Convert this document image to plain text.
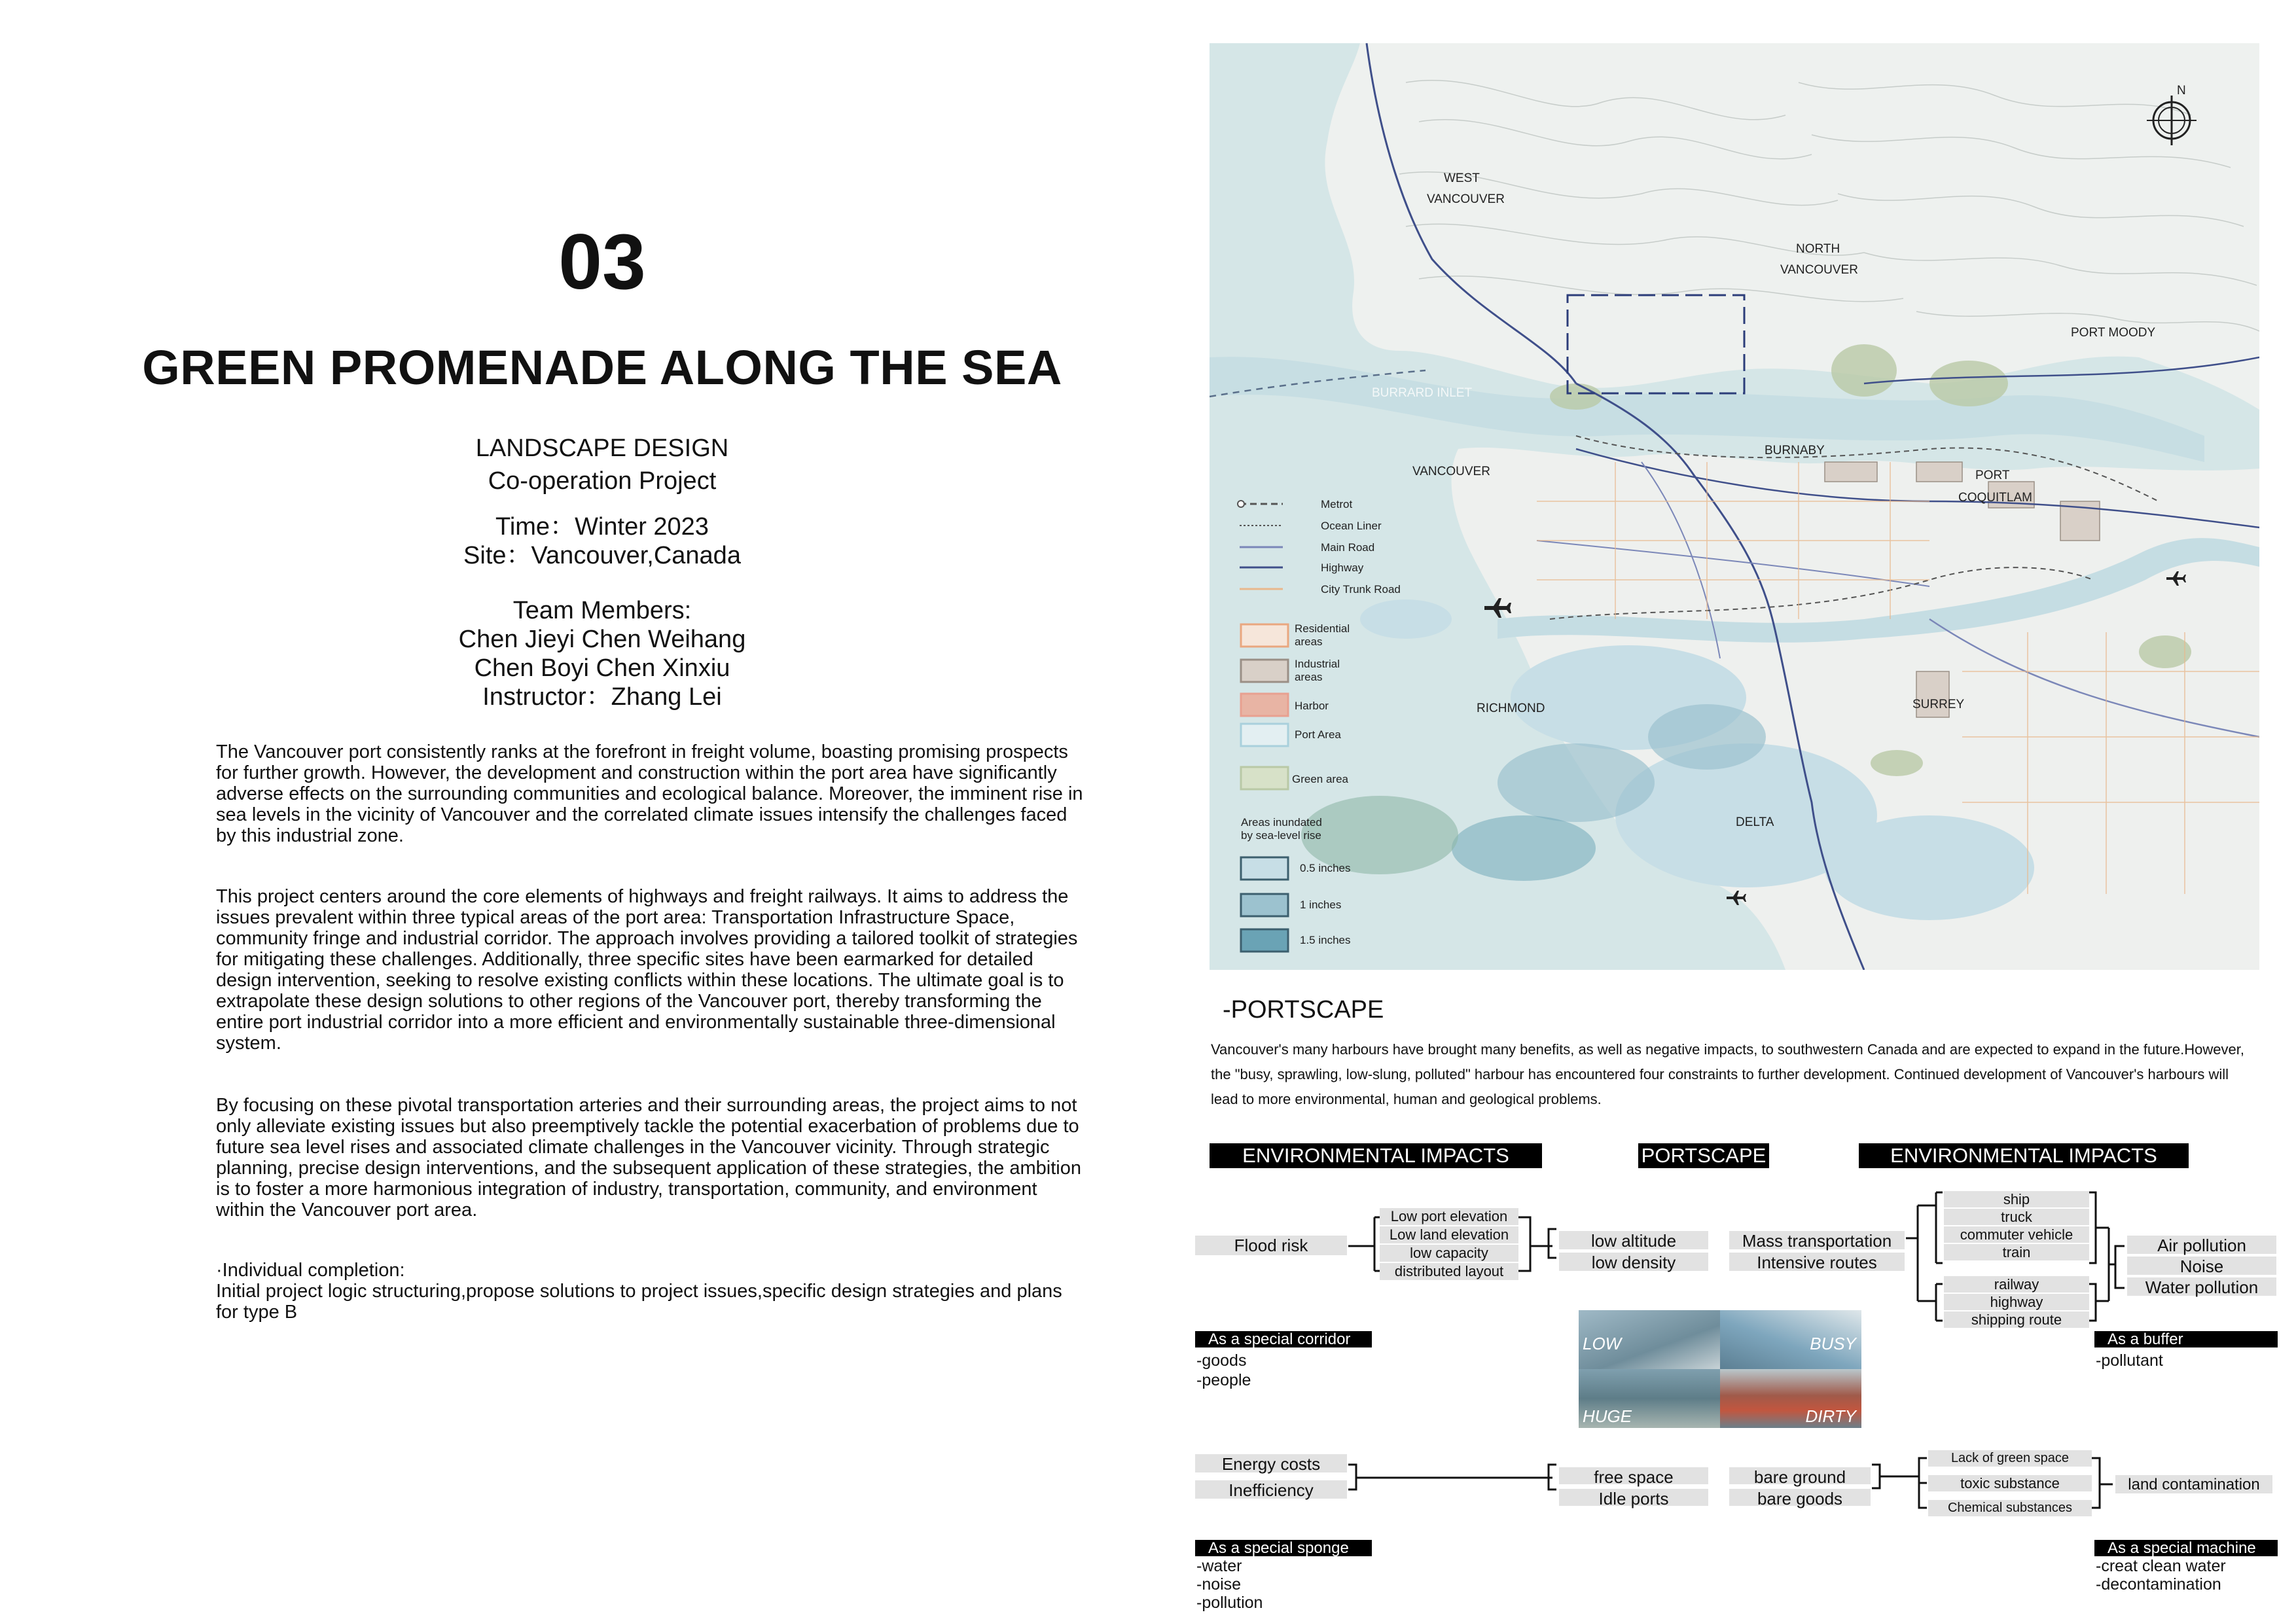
03
GREEN PROMENADE ALONG THE SEA
LANDSCAPE DESIGN
Co-operation Project
Time：Winter 2023
Site：Vancouver,Canada
Team Members:
Chen Jieyi Chen Weihang
Chen Boyi Chen Xinxiu
Instructor：Zhang Lei
The Vancouver port consistently ranks at the forefront in freight volume, boasting promising prospects for further growth. However, the development and construction within the port area have significantly adverse effects on the surrounding communities and ecological balance. Moreover, the imminent rise in sea levels in the vicinity of Vancouver and the correlated climate issues intensify the challenges faced by this industrial zone.
This project centers around the core elements of highways and freight railways. It aims to address the issues prevalent within three typical areas of the port area: Transportation Infrastructure Space, community fringe and industrial corridor. The approach involves providing a tailored toolkit of strategies for mitigating these challenges. Additionally, three specific sites have been earmarked for detailed design intervention, seeking to resolve existing conflicts within these locations. The ultimate goal is to extrapolate these design solutions to other regions of the Vancouver port, thereby transforming the entire port industrial corridor into a more efficient and environmentally sustainable three-dimensional system.
By focusing on these pivotal transportation arteries and their surrounding areas, the project aims to not only alleviate existing issues but also preemptively tackle the potential exacerbation of problems due to future sea level rises and associated climate challenges in the Vancouver vicinity. Through strategic planning, precise design interventions, and the subsequent application of these strategies, the ambition is to foster a more harmonious integration of industry, transportation, community, and environment within the Vancouver port area.
·Individual completion:
Initial project logic structuring,propose solutions to project issues,specific design strategies and plans for type B
N
WEST
VANCOUVER
NORTH
VANCOUVER
PORT MOODY
BURRARD INLET
BURNABY
VANCOUVER	PORT
COQUITLAM
RICHMOND	SURREY
DELTA
Metrot
Ocean Liner
Main Road
Highway
City Trunk Road
Residential
areas
Industrial
areas
Harbor
Port Area
Green area
Areas inundated
by sea-level rise
0.5 inches
1 inches
1.5 inches
-PORTSCAPE
Vancouver's many harbours have brought many benefits, as well as negative impacts, to southwestern Canada and are expected to expand in the future.However, the "busy, sprawling, low-slung, polluted" harbour has encountered four constraints to further development. Continued development of Vancouver's harbours will lead to more environmental, human and geological problems.
ENVIRONMENTAL IMPACTS	PORTSCAPE	ENVIRONMENTAL IMPACTS
Flood risk
Low port elevation
Low land elevation
low capacity
distributed layout
low altitude
low density
Mass transportation
Intensive routes
ship
truck
commuter vehicle
train
railway
highway
shipping route
Air pollution
Noise
Water pollution
As a special corridor
-goods
-people
As a buffer
-pollutant
LOW	BUSY
HUGE	DIRTY
Energy costs
Inefficiency
free space
Idle ports
bare ground
bare goods
Lack of green space
toxic substance
Chemical substances
land contamination
As a special sponge
-water
-noise
-pollution
As a special machine
-creat clean water
-decontamination
